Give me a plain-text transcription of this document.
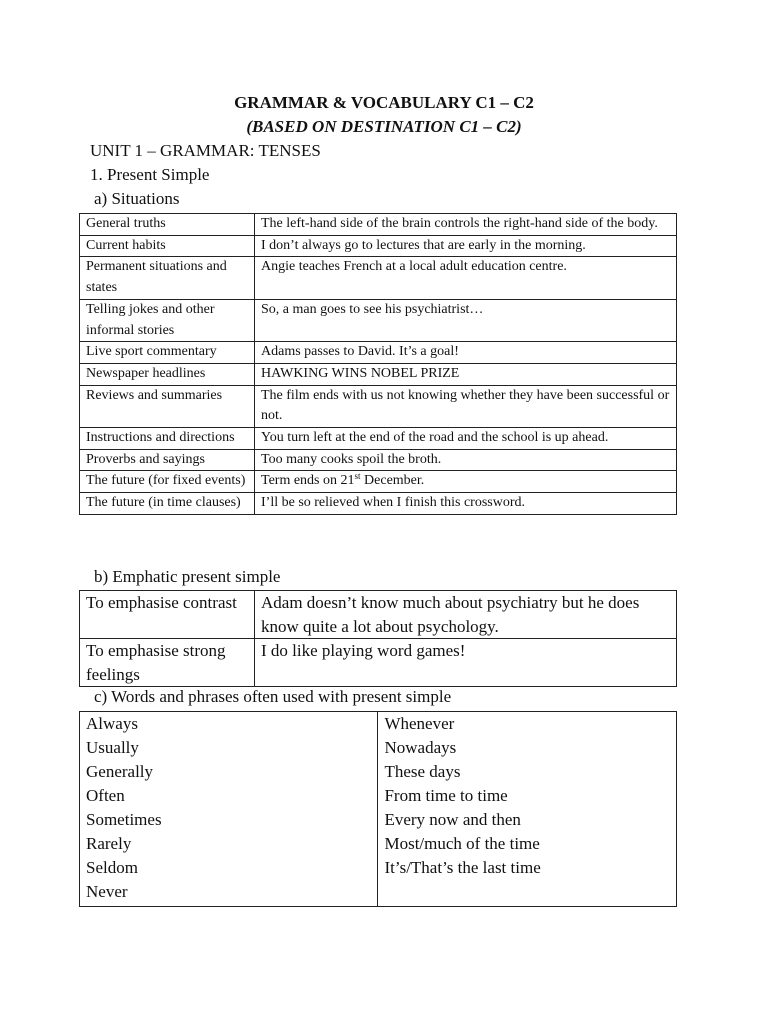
GRAMMAR & VOCABULARY C1 – C2
(BASED ON DESTINATION C1 – C2)
UNIT 1 – GRAMMAR: TENSES
1. Present Simple
a) Situations
General truths	The left-hand side of the brain controls the right-hand side of the body.
Current habits	I don’t always go to lectures that are early in the morning.
Permanent situations and states	Angie teaches French at a local adult education centre.
Telling jokes and other informal stories	So, a man goes to see his psychiatrist…
Live sport commentary	Adams passes to David. It’s a goal!
Newspaper headlines	HAWKING WINS NOBEL PRIZE
Reviews and summaries	The film ends with us not knowing whether they have been successful or not.
Instructions and directions	You turn left at the end of the road and the school is up ahead.
Proverbs and sayings	Too many cooks spoil the broth.
The future (for fixed events)	Term ends on 21st December.
The future (in time clauses)	I’ll be so relieved when I finish this crossword.
b) Emphatic present simple
To emphasise contrast	Adam doesn’t know much about psychiatry but he does know quite a lot about psychology.
To emphasise strong feelings	I do like playing word games!
c) Words and phrases often used with present simple
Always
Usually
Generally
Often
Sometimes
Rarely
Seldom
Never

Whenever
Nowadays
These days
From time to time
Every now and then
Most/much of the time
It’s/That’s the last time
